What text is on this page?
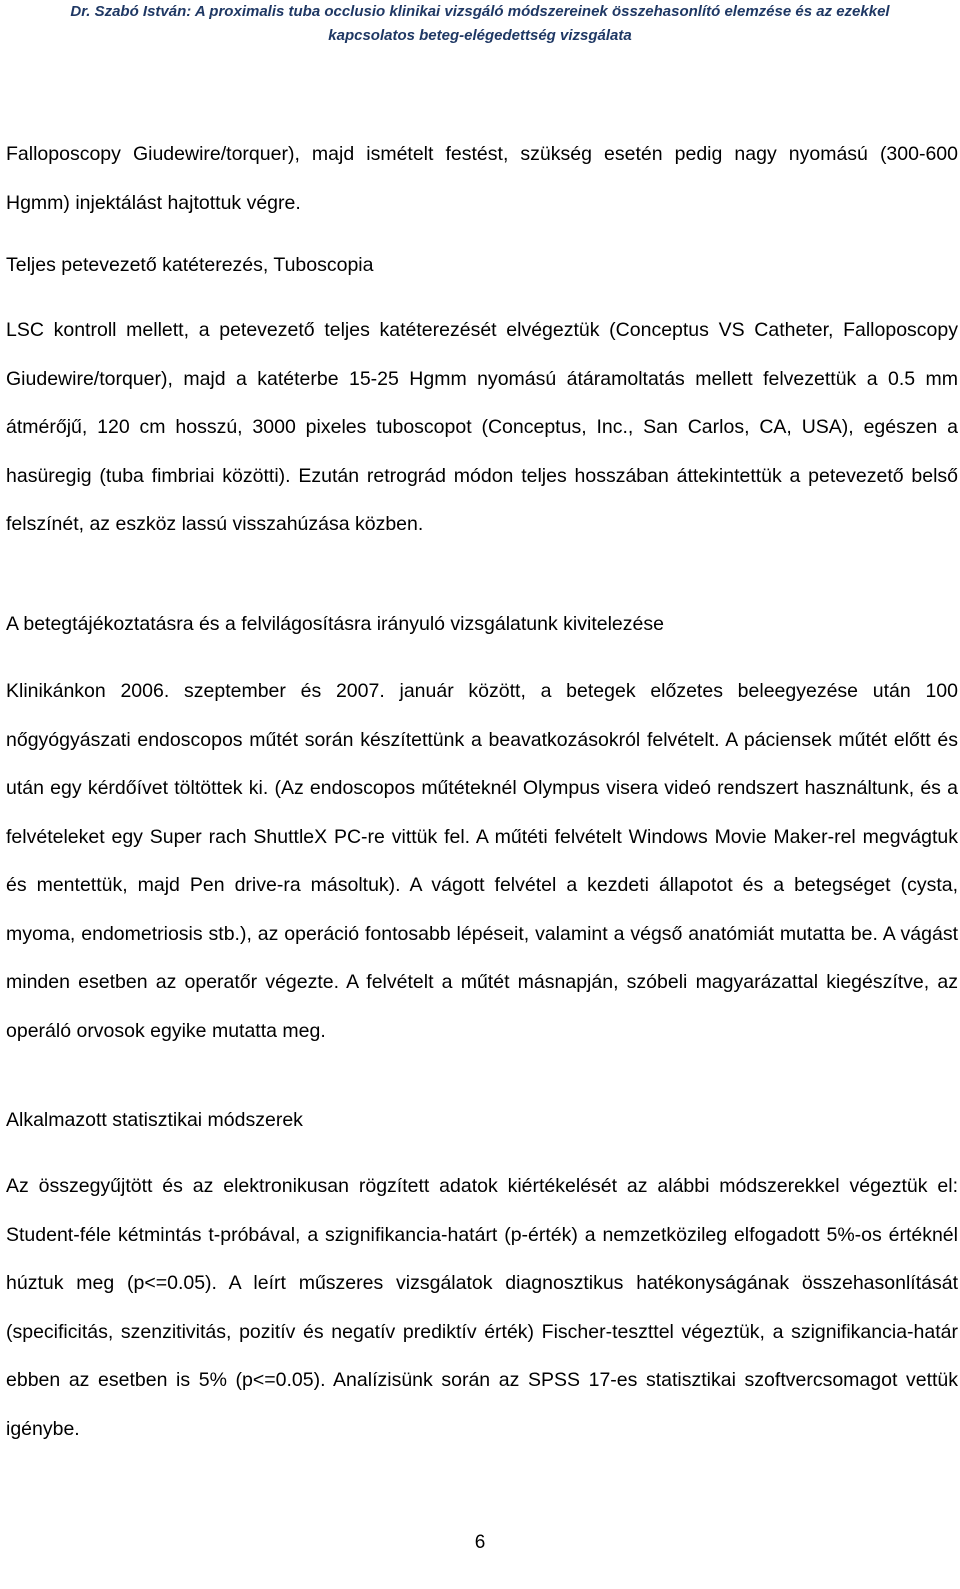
Dr. Szabó István: A proximalis tuba occlusio klinikai vizsgáló módszereinek összehasonlító elemzése és az ezekkel

kapcsolatos beteg-elégedettség vizsgálata

Falloposcopy Giudewire/torquer), majd ismételt festést, szükség esetén pedig nagy nyomású (300-600 Hgmm) injektálást hajtottuk végre.

Teljes petevezető katéterezés, Tuboscopia

LSC kontroll mellett, a petevezető teljes katéterezését elvégeztük (Conceptus VS Catheter, Falloposcopy Giudewire/torquer), majd a katéterbe 15-25 Hgmm nyomású átáramoltatás mellett felvezettük a 0.5 mm átmérőjű, 120 cm hosszú, 3000 pixeles tuboscopot (Conceptus, Inc., San Carlos, CA, USA), egészen a hasüregig (tuba fimbriai közötti). Ezután retrográd módon teljes hosszában áttekintettük a petevezető belső felszínét, az eszköz lassú visszahúzása közben.

A betegtájékoztatásra és a felvilágosításra irányuló vizsgálatunk kivitelezése

Klinikánkon 2006. szeptember és 2007. január között, a betegek előzetes beleegyezése után 100 nőgyógyászati endoscopos műtét során készítettünk a beavatkozásokról felvételt. A páciensek műtét előtt és után egy kérdőívet töltöttek ki. (Az endoscopos műtéteknél Olympus visera videó rendszert használtunk, és a felvételeket egy Super rach ShuttleX PC-re vittük fel. A műtéti felvételt Windows Movie Maker-rel megvágtuk és mentettük, majd Pen drive-ra másoltuk). A vágott felvétel a kezdeti állapotot és a betegséget (cysta, myoma, endometriosis stb.), az operáció fontosabb lépéseit, valamint a végső anatómiát mutatta be. A vágást minden esetben az operatőr végezte. A felvételt a műtét másnapján, szóbeli magyarázattal kiegészítve, az operáló orvosok egyike mutatta meg.

Alkalmazott statisztikai módszerek

Az összegyűjtött és az elektronikusan rögzített adatok kiértékelését az alábbi módszerekkel végeztük el: Student-féle kétmintás t-próbával, a szignifikancia-határt (p-érték) a nemzetközileg elfogadott 5%-os értéknél húztuk meg (p<=0.05). A leírt műszeres vizsgálatok diagnosztikus hatékonyságának összehasonlítását (specificitás, szenzitivitás, pozitív és negatív prediktív érték) Fischer-teszttel végeztük, a szignifikancia-határ ebben az esetben is 5% (p<=0.05). Analízisünk során az SPSS 17-es statisztikai szoftvercsomagot vettük igénybe.

6
